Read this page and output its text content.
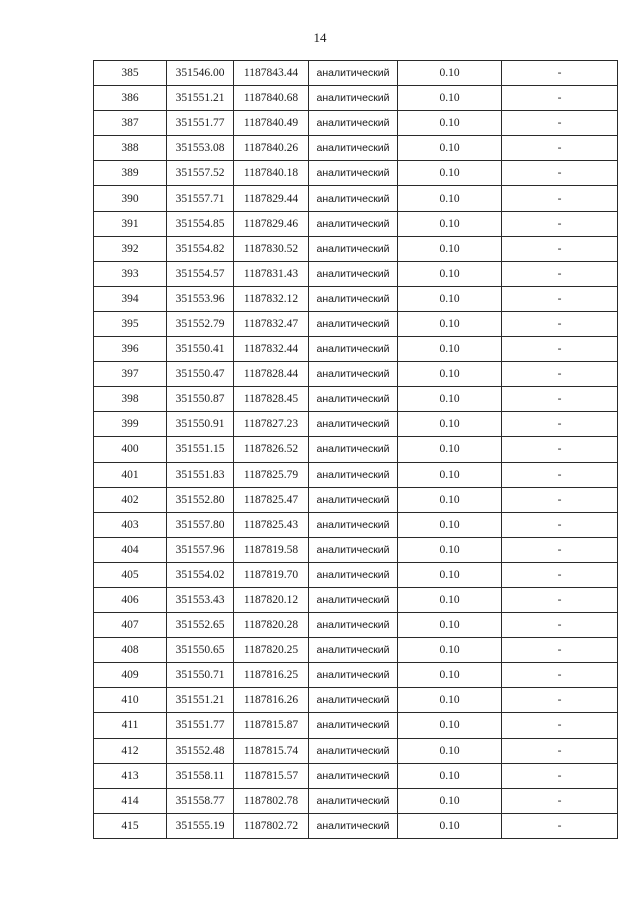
14
385	351546.00	1187843.44	аналитический	0.10	-
386	351551.21	1187840.68	аналитический	0.10	-
387	351551.77	1187840.49	аналитический	0.10	-
388	351553.08	1187840.26	аналитический	0.10	-
389	351557.52	1187840.18	аналитический	0.10	-
390	351557.71	1187829.44	аналитический	0.10	-
391	351554.85	1187829.46	аналитический	0.10	-
392	351554.82	1187830.52	аналитический	0.10	-
393	351554.57	1187831.43	аналитический	0.10	-
394	351553.96	1187832.12	аналитический	0.10	-
395	351552.79	1187832.47	аналитический	0.10	-
396	351550.41	1187832.44	аналитический	0.10	-
397	351550.47	1187828.44	аналитический	0.10	-
398	351550.87	1187828.45	аналитический	0.10	-
399	351550.91	1187827.23	аналитический	0.10	-
400	351551.15	1187826.52	аналитический	0.10	-
401	351551.83	1187825.79	аналитический	0.10	-
402	351552.80	1187825.47	аналитический	0.10	-
403	351557.80	1187825.43	аналитический	0.10	-
404	351557.96	1187819.58	аналитический	0.10	-
405	351554.02	1187819.70	аналитический	0.10	-
406	351553.43	1187820.12	аналитический	0.10	-
407	351552.65	1187820.28	аналитический	0.10	-
408	351550.65	1187820.25	аналитический	0.10	-
409	351550.71	1187816.25	аналитический	0.10	-
410	351551.21	1187816.26	аналитический	0.10	-
411	351551.77	1187815.87	аналитический	0.10	-
412	351552.48	1187815.74	аналитический	0.10	-
413	351558.11	1187815.57	аналитический	0.10	-
414	351558.77	1187802.78	аналитический	0.10	-
415	351555.19	1187802.72	аналитический	0.10	-
